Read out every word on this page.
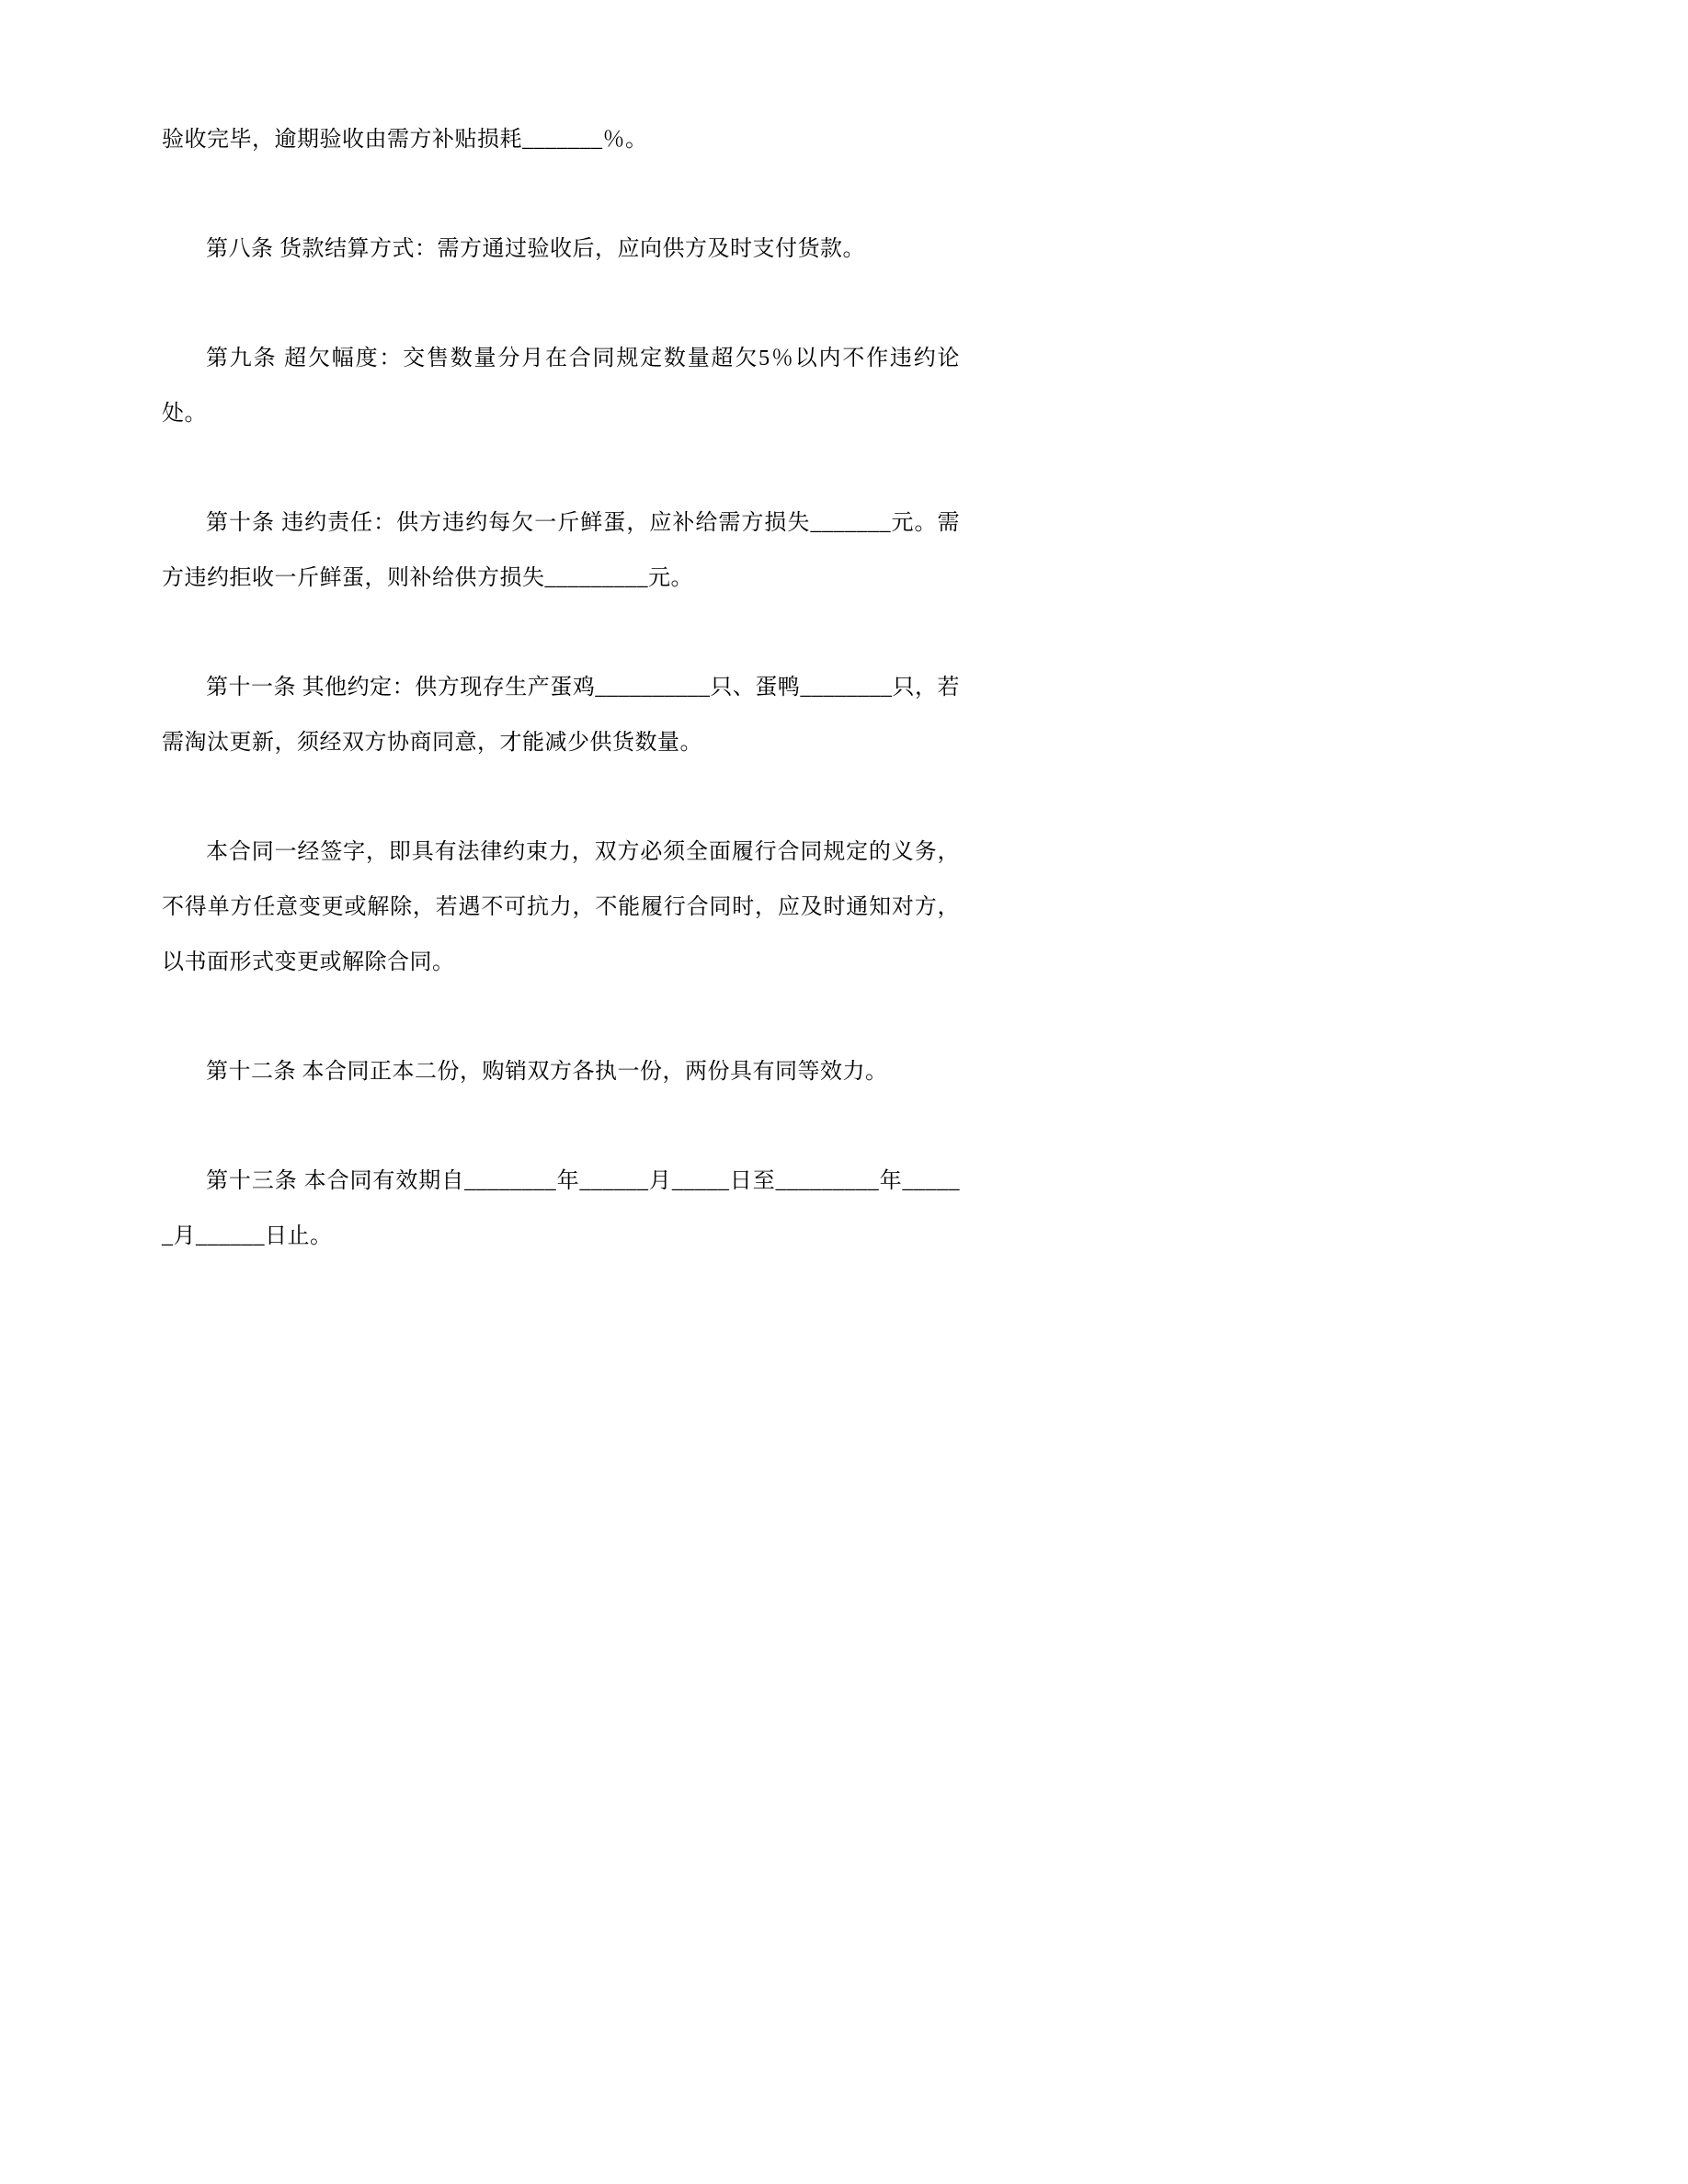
验收完毕，逾期验收由需方补贴损耗_______％。

第八条 货款结算方式：需方通过验收后，应向供方及时支付货款。

第九条 超欠幅度：交售数量分月在合同规定数量超欠5％以内不作违约论处。

第十条 违约责任：供方违约每欠一斤鲜蛋，应补给需方损失_______元。需方违约拒收一斤鲜蛋，则补给供方损失_________元。

第十一条 其他约定：供方现存生产蛋鸡__________只、蛋鸭________只，若需淘汰更新，须经双方协商同意，才能减少供货数量。

本合同一经签字，即具有法律约束力，双方必须全面履行合同规定的义务，不得单方任意变更或解除，若遇不可抗力，不能履行合同时，应及时通知对方，以书面形式变更或解除合同。

第十二条 本合同正本二份，购销双方各执一份，两份具有同等效力。

第十三条 本合同有效期自________年______月_____日至_________年______月______日止。
